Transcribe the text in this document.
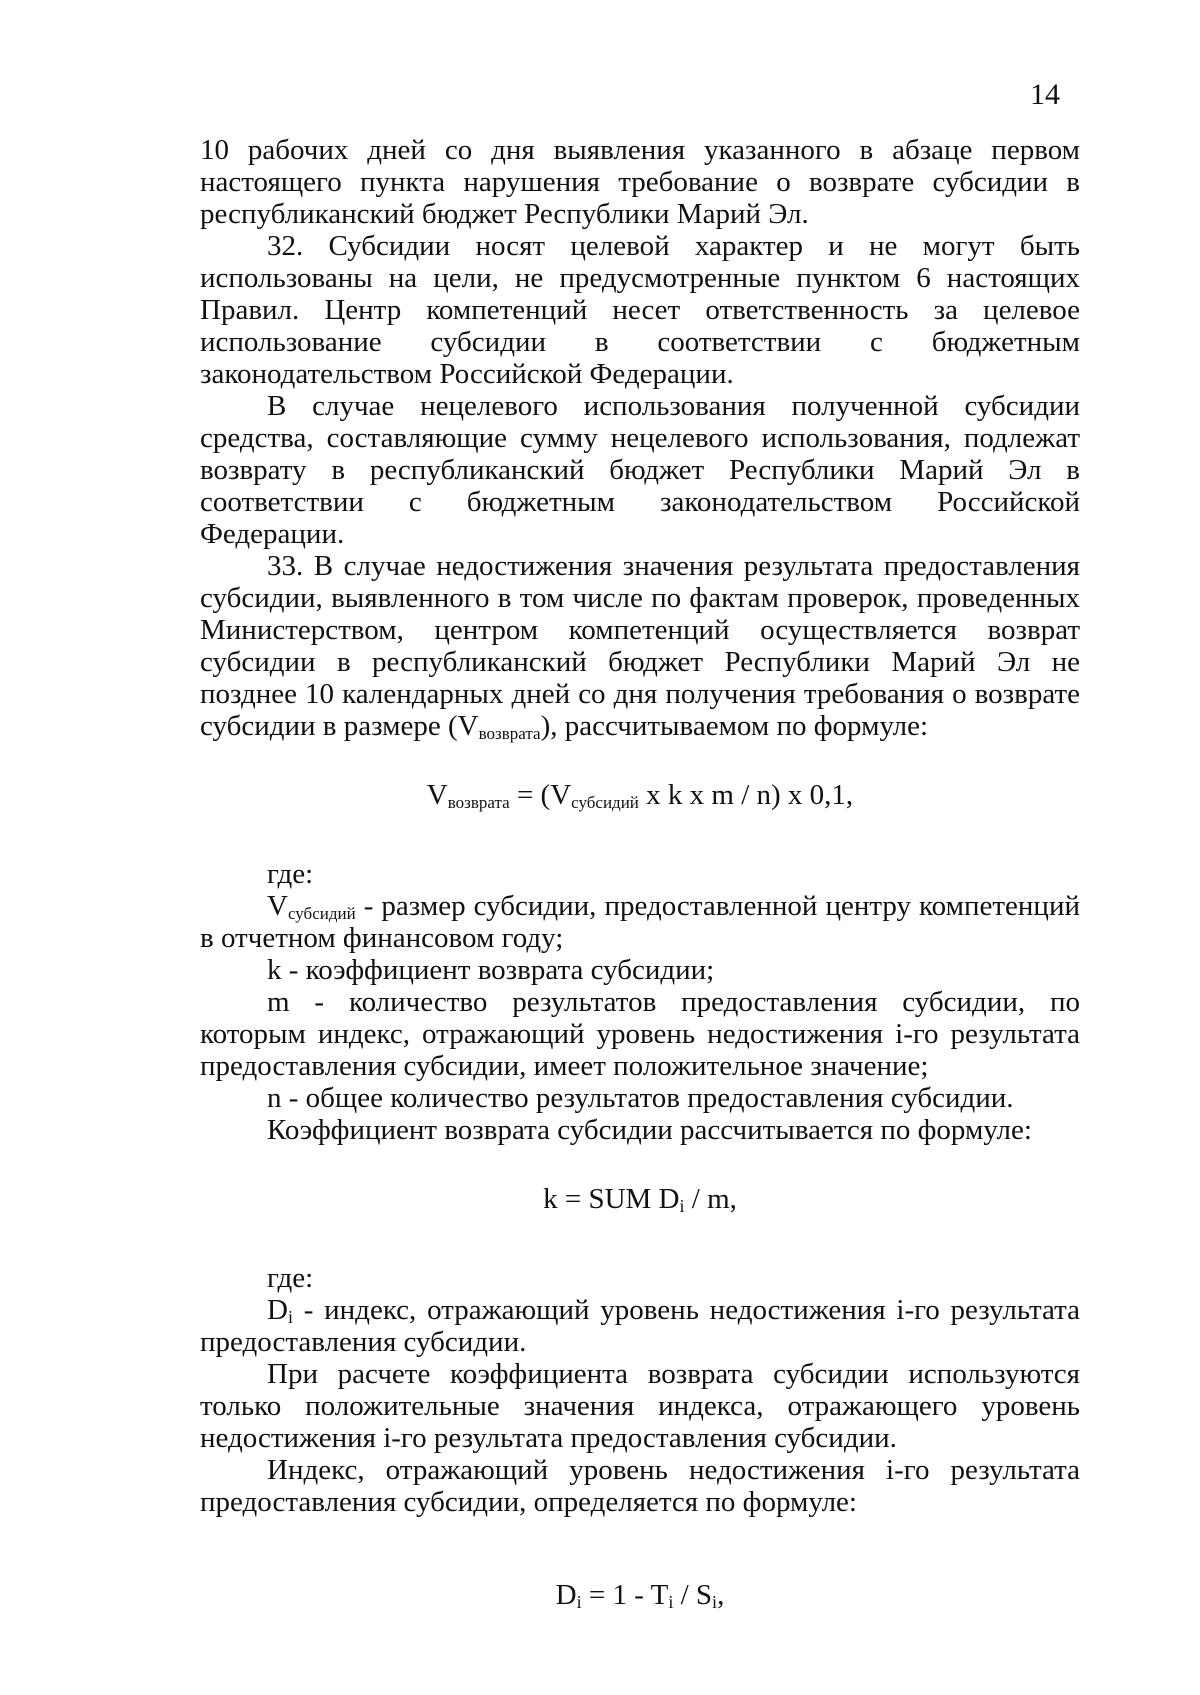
14

10 рабочих дней со дня выявления указанного в абзаце первом настоящего пункта нарушения требование о возврате субсидии в республиканский бюджет Республики Марий Эл.

32. Субсидии носят целевой характер и не могут быть использованы на цели, не предусмотренные пунктом 6 настоящих Правил. Центр компетенций несет ответственность за целевое использование субсидии в соответствии с бюджетным законодательством Российской Федерации.

В случае нецелевого использования полученной субсидии средства, составляющие сумму нецелевого использования, подлежат возврату в республиканский бюджет Республики Марий Эл в соответствии с бюджетным законодательством Российской Федерации.

33. В случае недостижения значения результата предоставления субсидии, выявленного в том числе по фактам проверок, проведенных Министерством, центром компетенций осуществляется возврат субсидии в республиканский бюджет Республики Марий Эл не позднее 10 календарных дней со дня получения требования о возврате субсидии в размере $(V_{возврата})$, рассчитываемом по формуле:

$V_{возврата} = (V_{субсидий}$ x k x m / n) x 0,1,

где:

$V_{субсидий}$ - размер субсидии, предоставленной центру компетенций в отчетном финансовом году;

k - коэффициент возврата субсидии;

m - количество результатов предоставления субсидии, по которым индекс, отражающий уровень недостижения i-го результата предоставления субсидии, имеет положительное значение;

n - общее количество результатов предоставления субсидии.

Коэффициент возврата субсидии рассчитывается по формуле:

k = SUM $D_i$ / m,

где:

$D_i$ - индекс, отражающий уровень недостижения i-го результата предоставления субсидии.

При расчете коэффициента возврата субсидии используются только положительные значения индекса, отражающего уровень недостижения i-го результата предоставления субсидии.

Индекс, отражающий уровень недостижения i-го результата предоставления субсидии, определяется по формуле:

$D_i = 1 - T_i / S_i$,
